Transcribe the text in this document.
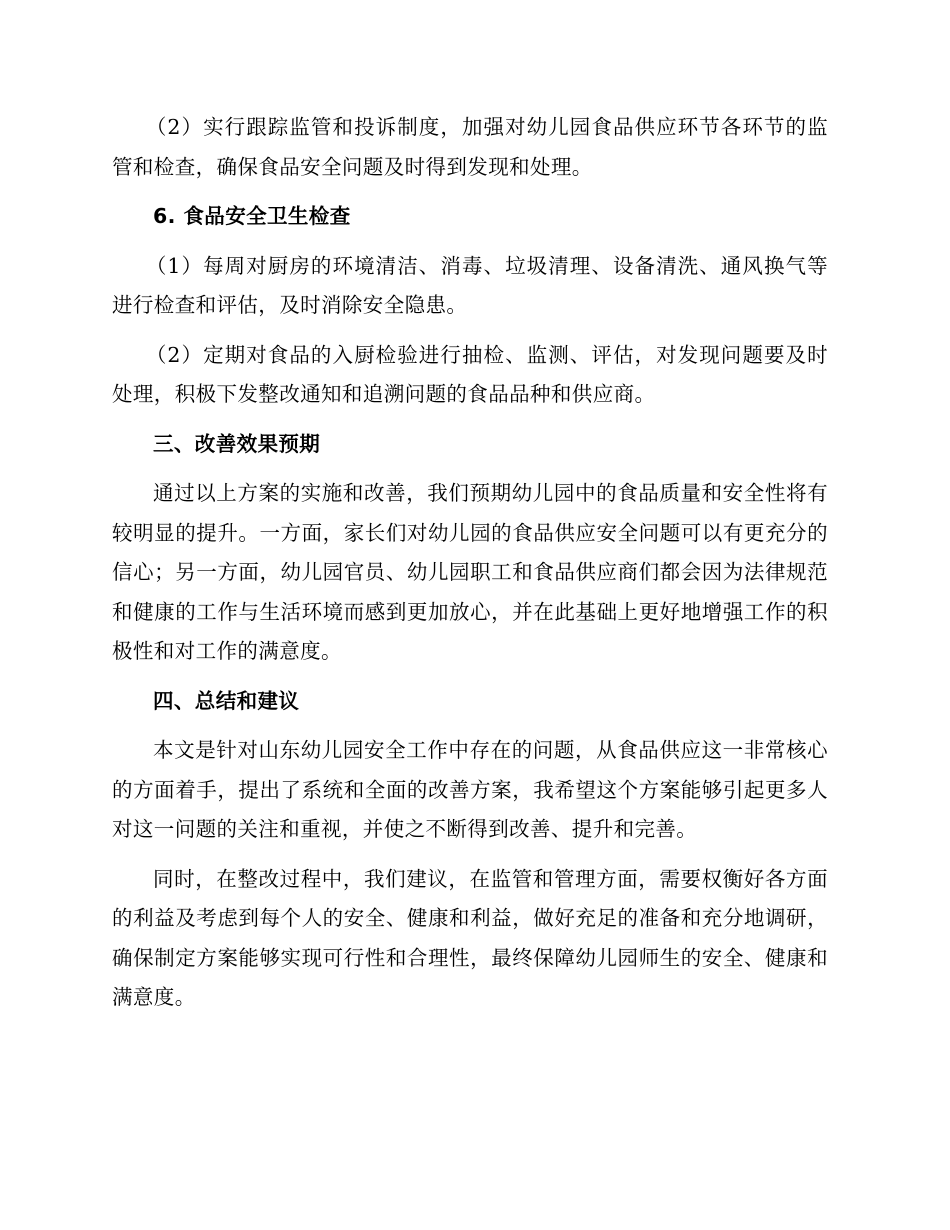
（2）实行跟踪监管和投诉制度，加强对幼儿园食品供应环节各环节的监管和检查，确保食品安全问题及时得到发现和处理。

6. 食品安全卫生检查

（1）每周对厨房的环境清洁、消毒、垃圾清理、设备清洗、通风换气等进行检查和评估，及时消除安全隐患。

（2）定期对食品的入厨检验进行抽检、监测、评估，对发现问题要及时处理，积极下发整改通知和追溯问题的食品品种和供应商。

三、改善效果预期

通过以上方案的实施和改善，我们预期幼儿园中的食品质量和安全性将有较明显的提升。一方面，家长们对幼儿园的食品供应安全问题可以有更充分的信心；另一方面，幼儿园官员、幼儿园职工和食品供应商们都会因为法律规范和健康的工作与生活环境而感到更加放心，并在此基础上更好地增强工作的积极性和对工作的满意度。

四、总结和建议

本文是针对山东幼儿园安全工作中存在的问题，从食品供应这一非常核心的方面着手，提出了系统和全面的改善方案，我希望这个方案能够引起更多人对这一问题的关注和重视，并使之不断得到改善、提升和完善。

同时，在整改过程中，我们建议，在监管和管理方面，需要权衡好各方面的利益及考虑到每个人的安全、健康和利益，做好充足的准备和充分地调研，确保制定方案能够实现可行性和合理性，最终保障幼儿园师生的安全、健康和满意度。
